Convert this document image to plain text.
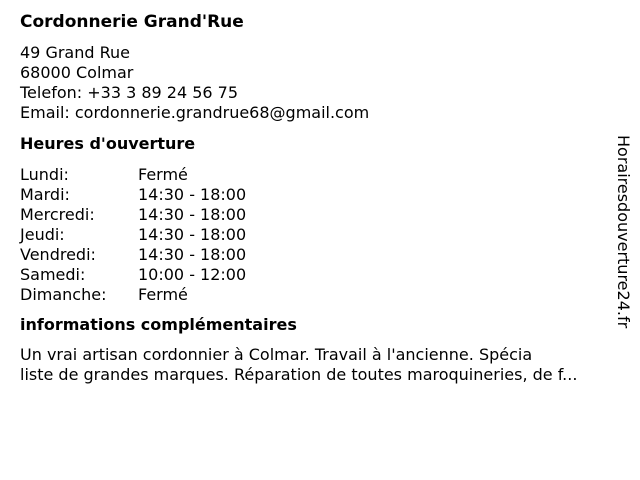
Cordonnerie Grand'Rue
49 Grand Rue
68000 Colmar
Telefon: +33 3 89 24 56 75
Email: cordonnerie.grandrue68@gmail.com
Heures d'ouverture
Lundi:	Fermé
Mardi:	14:30 - 18:00
Mercredi:	14:30 - 18:00
Jeudi:	14:30 - 18:00
Vendredi:	14:30 - 18:00
Samedi:	10:00 - 12:00
Dimanche:	Fermé
informations complémentaires
Un vrai artisan cordonnier à Colmar. Travail à l'ancienne. Spécia
liste de grandes marques. Réparation de toutes maroquineries, de f...
Horairesdouverture24.fr
